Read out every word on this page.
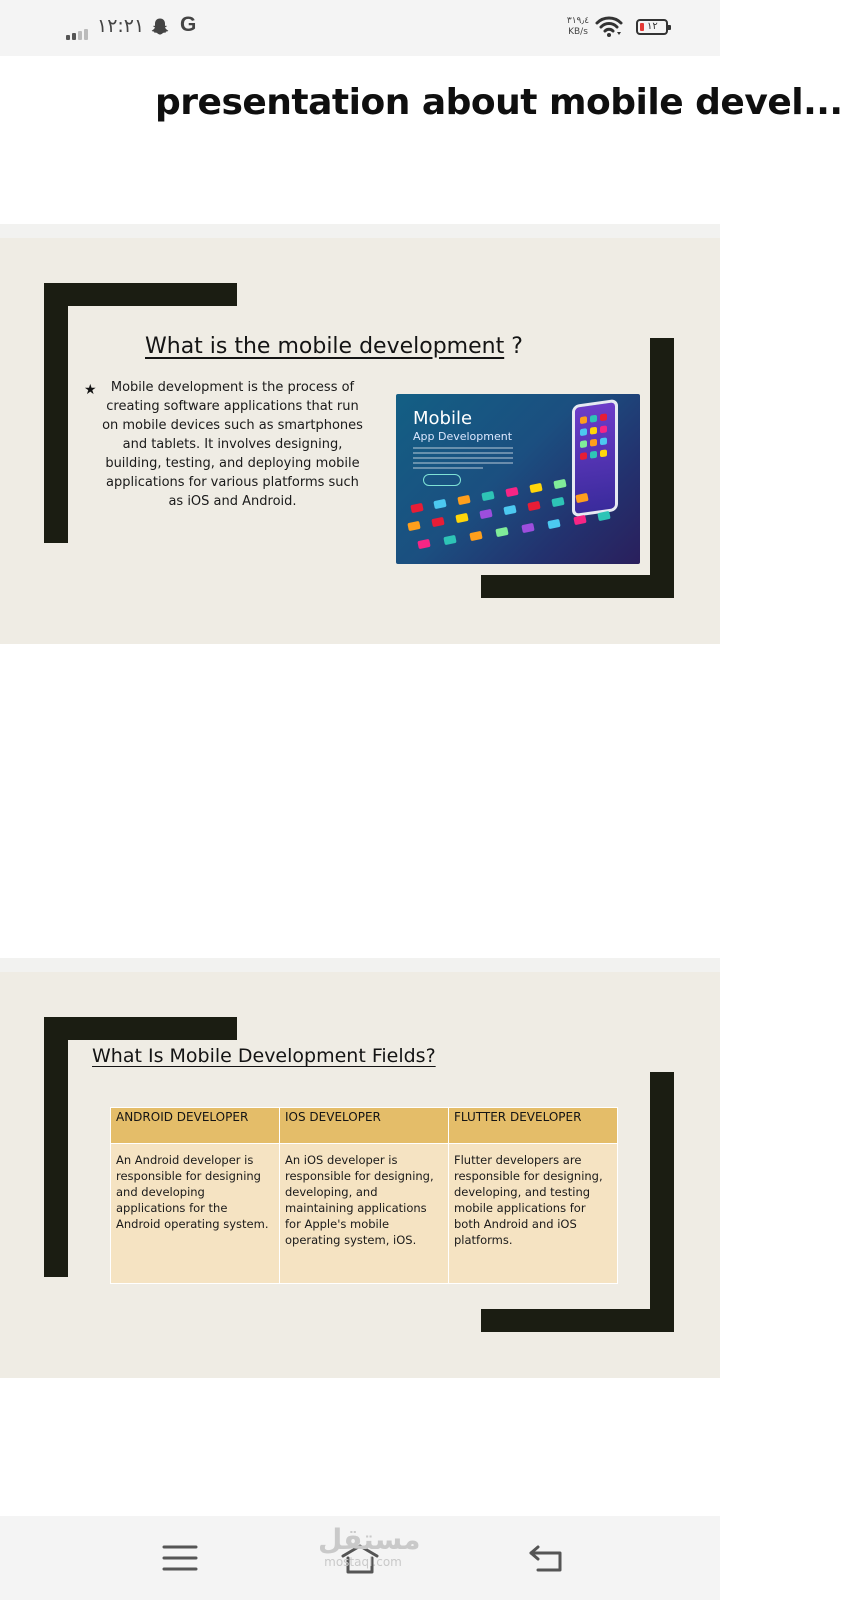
١٢:٢١ G	٣١٩٫٤
KB/s	١٢
presentation about mobile devel...
What is the mobile development ?
★	Mobile development is the process of creating software applications that run on mobile devices such as smartphones and tablets. It involves designing, building, testing, and deploying mobile applications for various platforms such as iOS and Android.
Mobile
App Development
What Is Mobile Development Fields?
ANDROID DEVELOPER	IOS DEVELOPER	FLUTTER DEVELOPER
An Android developer is responsible for designing and developing applications for the Android operating system.	An iOS developer is responsible for designing, developing, and maintaining applications for Apple's mobile operating system, iOS.	Flutter developers are responsible for designing, developing, and testing mobile applications for both Android and iOS platforms.
مستقل
mostaql.com
